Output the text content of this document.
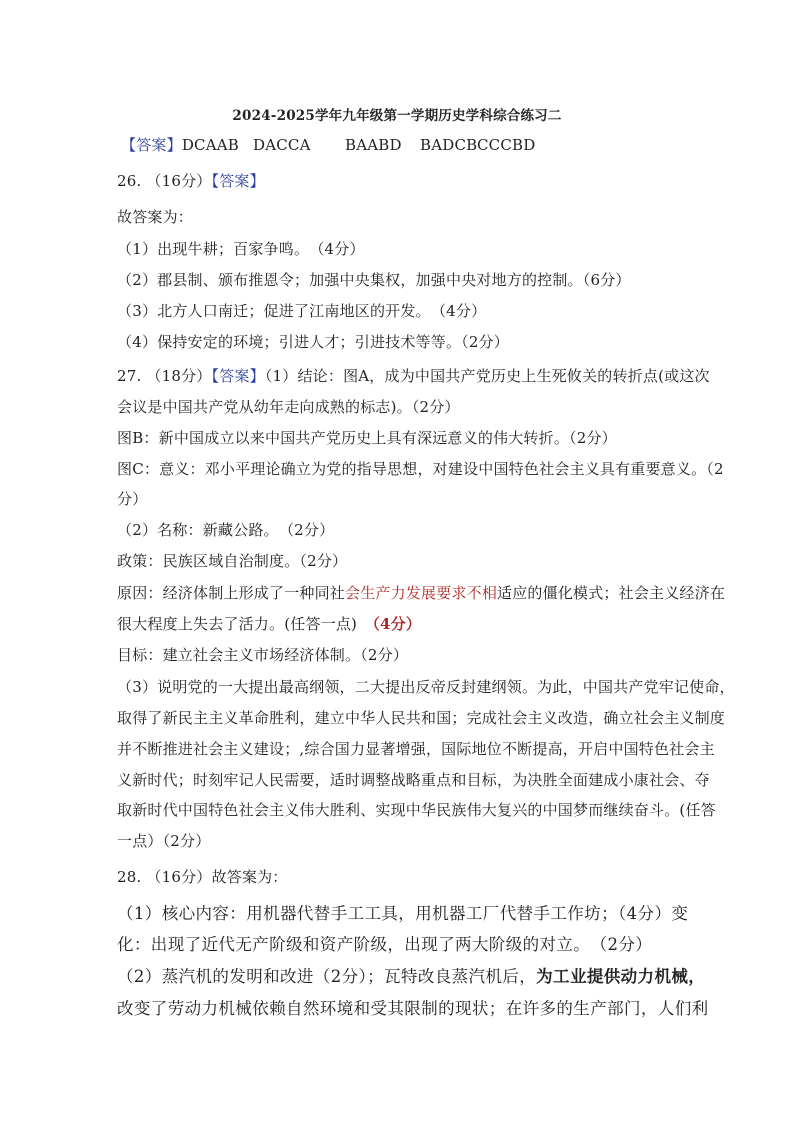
2024-2025学年九年级第一学期历史学科综合练习二
【答案】DCAAB DACCA BAABD BADCB CCCBD
26. （16分）【答案】
故答案为：
（1）出现牛耕；百家争鸣。　（4分）
（2）郡县制、颁布推恩令；加强中央集权，加强中央对地方的控制。（6分）
（3）北方人口南迁；促进了江南地区的开发。　（4分）
（4）保持安定的环境；引进人才；引进技术等等。（2分）
27. （18分）【答案】（1）结论：图A，成为中国共产党历史上生死攸关的转折点(或这次
会议是中国共产党从幼年走向成熟的标志)。（2分）
图B：新中国成立以来中国共产党历史上具有深远意义的伟大转折。（2分）
图C：意义：邓小平理论确立为党的指导思想，对建设中国特色社会主义具有重要意义。（2
分）
（2）名称：新藏公路。　（2分）
政策：民族区域自治制度。（2分）
原因：经济体制上形成了一种同社会生产力发展要求不相适应的僵化模式；社会主义经济在
很大程度上失去了活力。(任答一点)　（4分）
目标：建立社会主义市场经济体制。（2分）
（3）说明党的一大提出最高纲领，二大提出反帝反封建纲领。为此，中国共产党牢记使命，
取得了新民主主义革命胜利，建立中华人民共和国；完成社会主义改造，确立社会主义制度
并不断推进社会主义建设；,综合国力显著增强，国际地位不断提高，开启中国特色社会主
义新时代；时刻牢记人民需要，适时调整战略重点和目标，为决胜全面建成小康社会、夺
取新时代中国特色社会主义伟大胜利、实现中华民族伟大复兴的中国梦而继续奋斗。(任答
一点）（2分）
28. （16分）故答案为：
（1）核心内容：用机器代替手工工具，用机器工厂代替手工作坊；（4分）变
化：出现了近代无产阶级和资产阶级，出现了两大阶级的对立。　（2分）
（2）蒸汽机的发明和改进（2分）；瓦特改良蒸汽机后，为工业提供动力机械，
改变了劳动力机械依赖自然环境和受其限制的现状；在许多的生产部门，人们利
